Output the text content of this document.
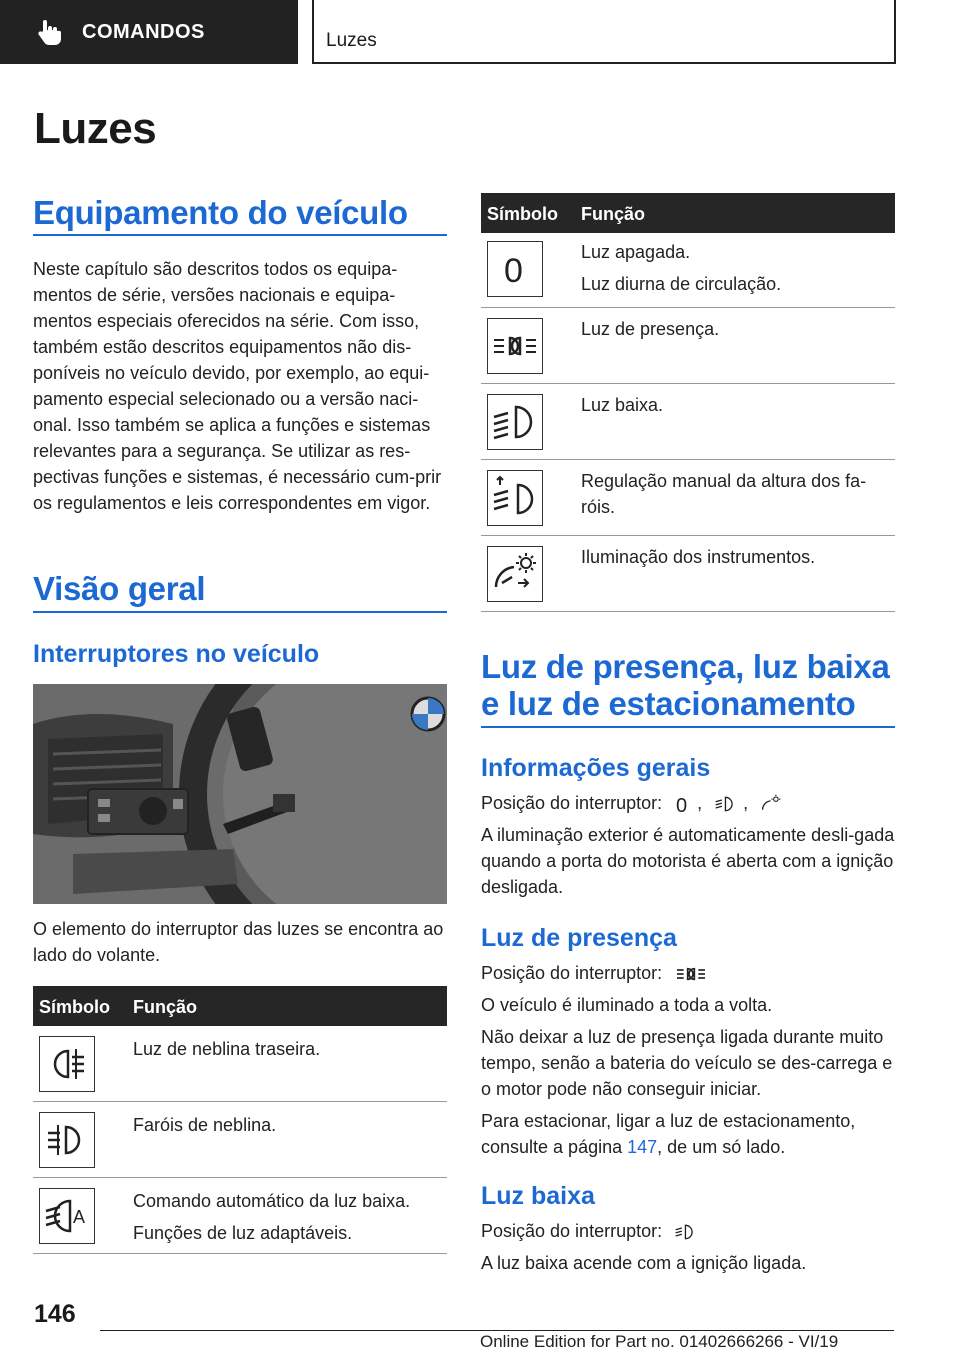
COMANDOS	Luzes
Luzes
Equipamento do veículo

Neste capítulo são descritos todos os equipa-mentos de série, versões nacionais e equipa-mentos especiais oferecidos na série. Com isso, também estão descritos equipamentos não dis-poníveis no veículo devido, por exemplo, ao equi-pamento especial selecionado ou a versão naci-onal. Isso também se aplica a funções e sistemas relevantes para a segurança. Se utilizar as res-pectivas funções e sistemas, é necessário cum-prir os regulamentos e leis correspondentes em vigor.

Visão geral
Interruptores no veículo

O elemento do interruptor das luzes se encontra ao lado do volante.

Símbolo Função

Luz de neblina traseira.

Faróis de neblina.

A

Comando automático da luz baixa.

Funções de luz adaptáveis.

Símbolo Função
0	Luz apagada.

Luz diurna de circulação.

Luz de presença.

Luz baixa.

Regulação manual da altura dos fa-róis.

Iluminação dos instrumentos.

Luz de presença, luz baixa e luz de estacionamento
Informações gerais

Posição do interruptor: 0 , ,

A iluminação exterior é automaticamente desli-gada quando a porta do motorista é aberta com a ignição desligada.

Luz de presença

Posição do interruptor:

O veículo é iluminado a toda a volta.

Não deixar a luz de presença ligada durante muito tempo, senão a bateria do veículo se des-carrega e o motor pode não conseguir iniciar.

Para estacionar, ligar a luz de estacionamento, consulte a página 147, de um só lado.

Luz baixa

Posição do interruptor:

A luz baixa acende com a ignição ligada.

146
Online Edition for Part no. 01402666266 - VI/19
